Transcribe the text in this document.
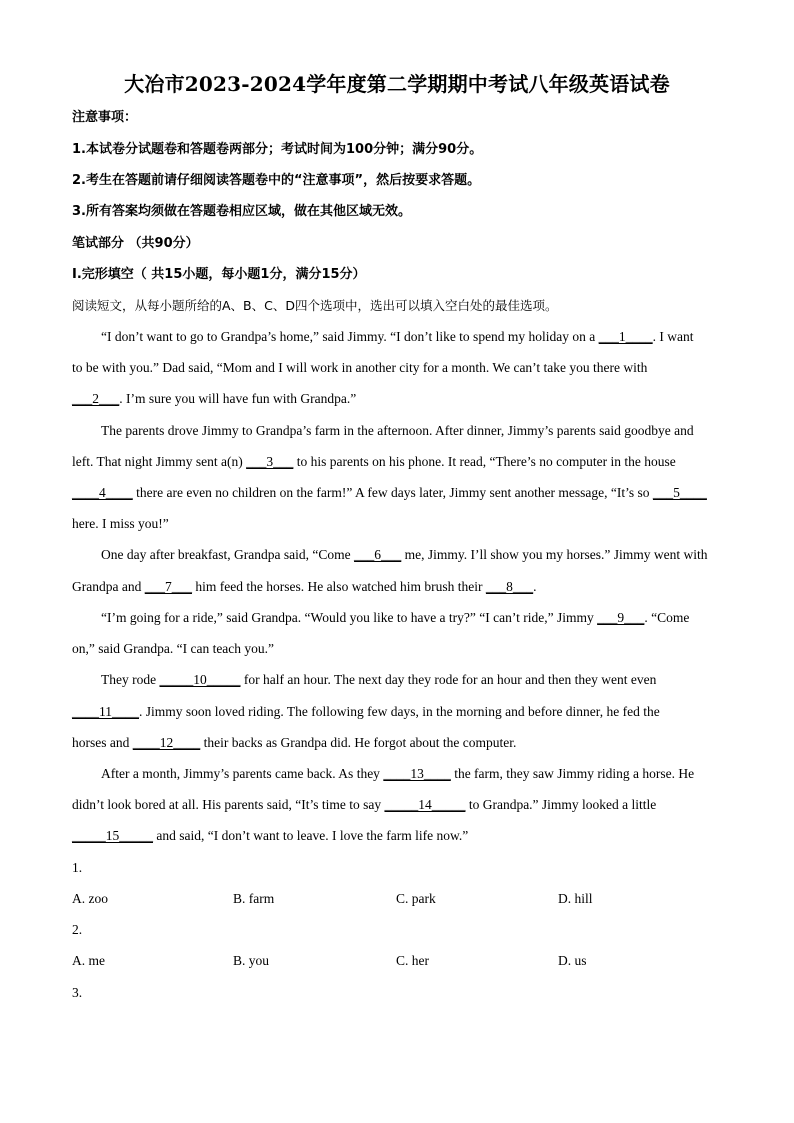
大冶市2023-2024学年度第二学期期中考试八年级英语试卷
注意事项：
1.本试卷分试题卷和答题卷两部分；考试时间为100分钟；满分90分。
2.考生在答题前请仔细阅读答题卷中的“注意事项”，然后按要求答题。
3.所有答案均须做在答题卷相应区域，做在其他区域无效。
笔试部分 （共90分）
Ⅰ.完形填空（ 共15小题，每小题1分，满分15分）
阅读短文，从每小题所给的A、B、C、D四个选项中，选出可以填入空白处的最佳选项。
“I don’t want to go to Grandpa’s home,” said Jimmy. “I don’t like to spend my holiday on a ___1____. I want
to be with you.” Dad said, “Mom and I will work in another city for a month. We can’t take you there with
___2___. I’m sure you will have fun with Grandpa.”
The parents drove Jimmy to Grandpa’s farm in the afternoon. After dinner, Jimmy’s parents said goodbye and
left. That night Jimmy sent a(n) ___3___ to his parents on his phone. It read, “There’s no computer in the house
____4____ there are even no children on the farm!” A few days later, Jimmy sent another message, “It’s so ___5____
here. I miss you!”
One day after breakfast, Grandpa said, “Come ___6___ me, Jimmy. I’ll show you my horses.” Jimmy went with
Grandpa and ___7___ him feed the horses. He also watched him brush their ___8___.
“I’m going for a ride,” said Grandpa. “Would you like to have a try?” “I can’t ride,” Jimmy ___9___. “Come
on,” said Grandpa. “I can teach you.”
They rode _____10_____ for half an hour. The next day they rode for an hour and then they went even
____11____. Jimmy soon loved riding. The following few days, in the morning and before dinner, he fed the
horses and ____12____ their backs as Grandpa did. He forgot about the computer.
After a month, Jimmy’s parents came back. As they ____13____ the farm, they saw Jimmy riding a horse. He
didn’t look bored at all. His parents said, “It’s time to say _____14_____ to Grandpa.” Jimmy looked a little
_____15_____ and said, “I don’t want to leave. I love the farm life now.”
1.
A. zoo	B. farm	C. park	D. hill
2.
A. me	B. you	C. her	D. us
3.
